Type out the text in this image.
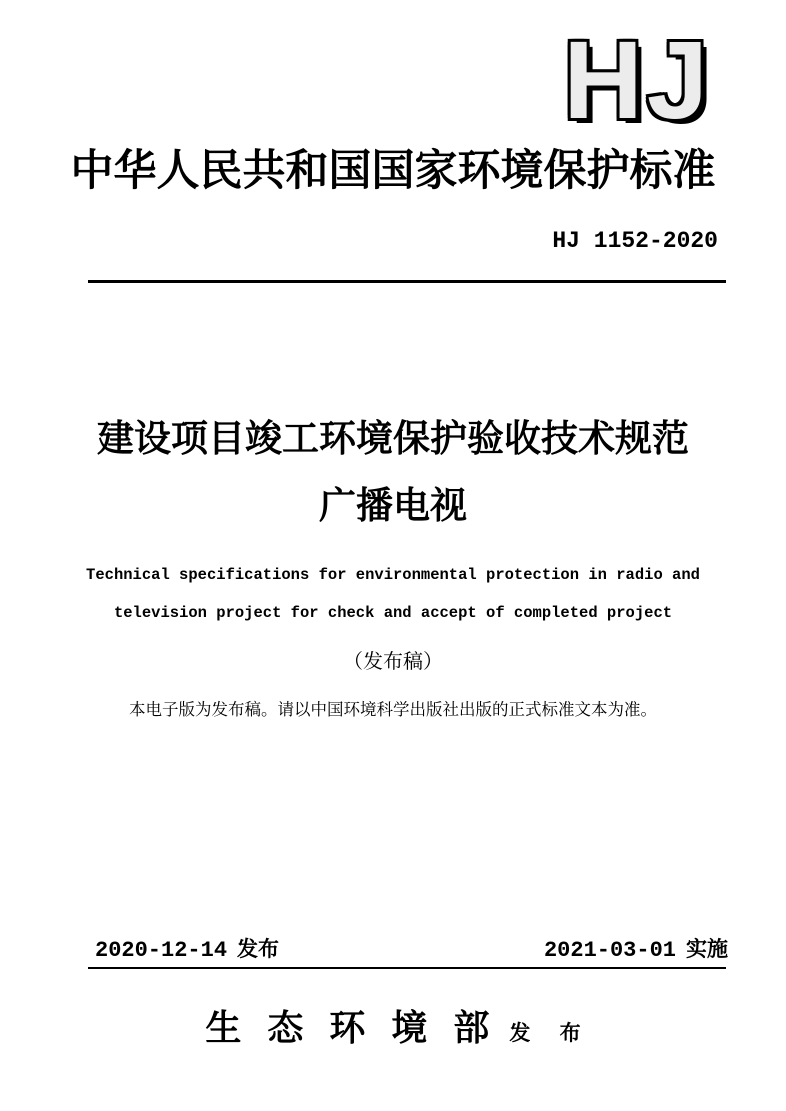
HJ
中华人民共和国国家环境保护标准
HJ 1152-2020
建设项目竣工环境保护验收技术规范
广播电视
Technical specifications for environmental protection in radio and
television project for check and accept of completed project
（发布稿）
本电子版为发布稿。请以中国环境科学出版社出版的正式标准文本为准。
2020-12-14 发布	2021-03-01 实施
生态环境部 发 布
